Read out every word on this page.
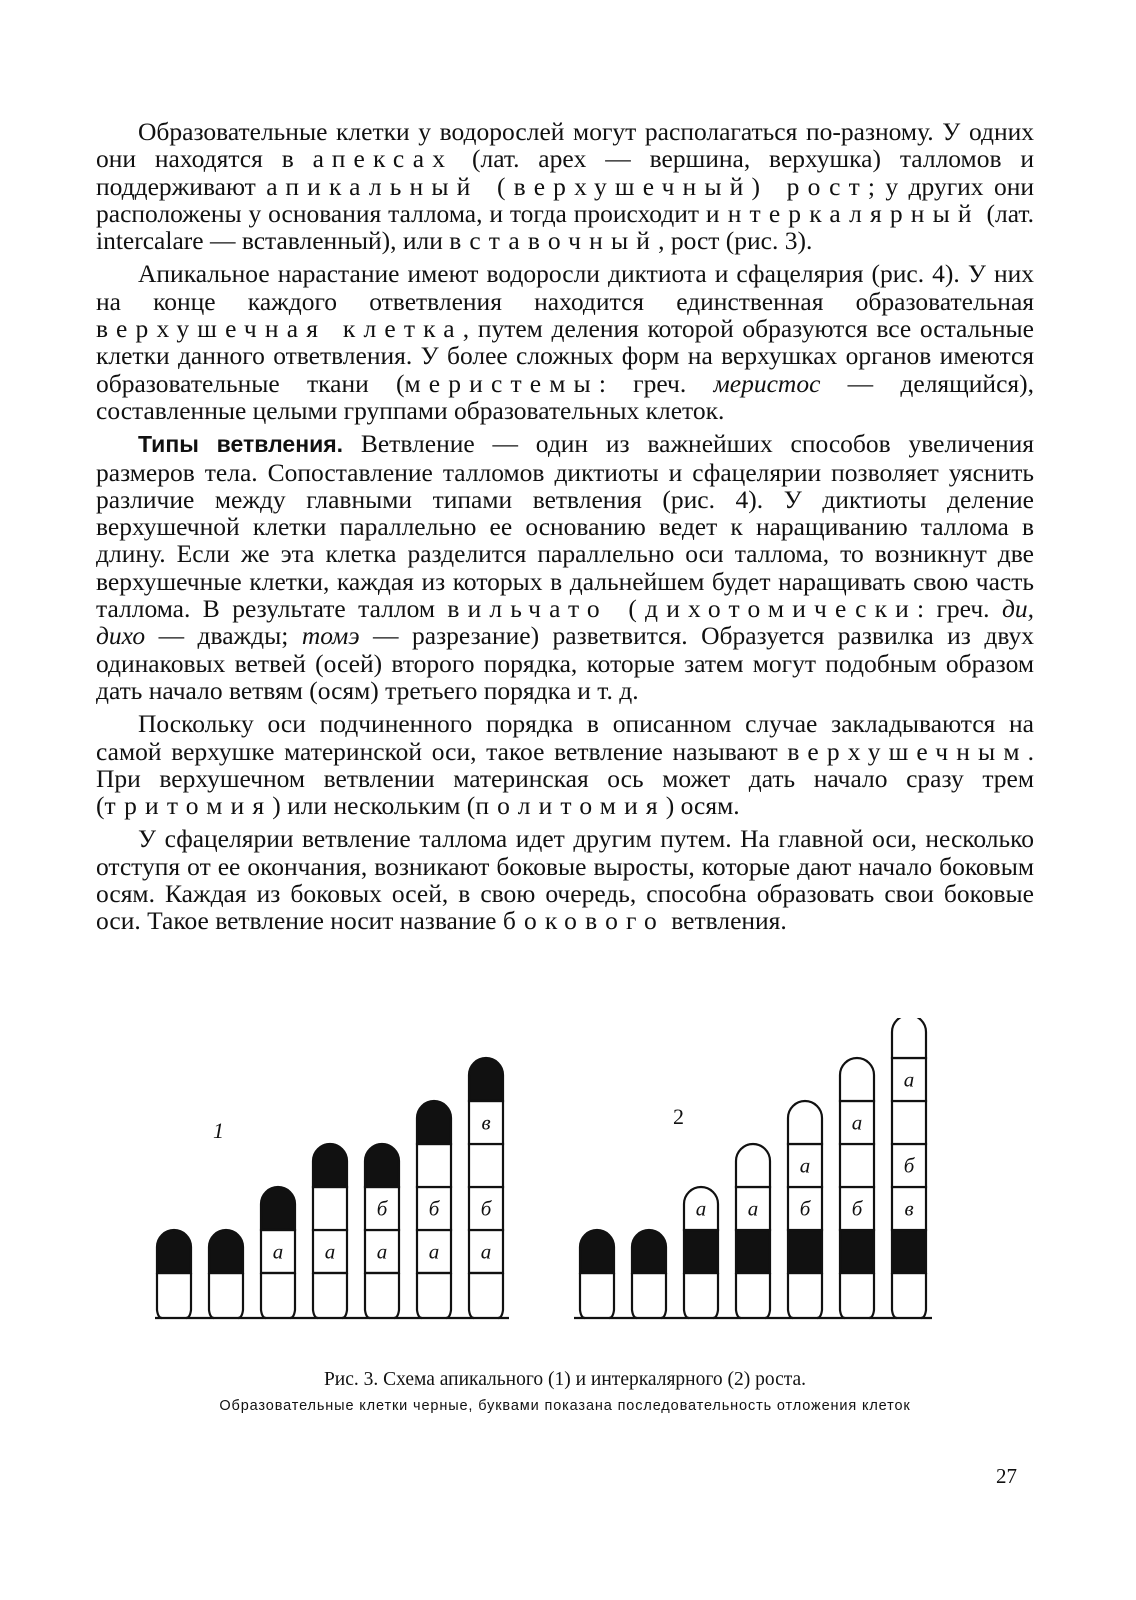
Образовательные клетки у водорослей могут располагаться по-разному. У одних они находятся в апексах (лат. apex — вершина, верхушка) талломов и поддерживают апикальный (верхушечный) рост; у других они расположены у основания таллома, и тогда происходит интеркалярный (лат. intercalare — вставленный), или вставочный, рост (рис. 3).

Апикальное нарастание имеют водоросли диктиота и сфацелярия (рис. 4). У них на конце каждого ответвления находится единственная образовательная верхушечная клетка, путем деления которой образуются все остальные клетки данного ответвления. У более сложных форм на верхушках органов имеются образовательные ткани (меристемы: греч. меристос — делящийся), составленные целыми группами образовательных клеток.

Типы ветвления. Ветвление — один из важнейших способов увеличения размеров тела. Сопоставление талломов диктиоты и сфацелярии позволяет уяснить различие между главными типами ветвления (рис. 4). У диктиоты деление верхушечной клетки параллельно ее основанию ведет к наращиванию таллома в длину. Если же эта клетка разделится параллельно оси таллома, то возникнут две верхушечные клетки, каждая из которых в дальнейшем будет наращивать свою часть таллома. В результате таллом вильчато (дихотомически: греч. ди, дихо — дважды; томэ — разрезание) разветвится. Образуется развилка из двух одинаковых ветвей (осей) второго порядка, которые затем могут подобным образом дать начало ветвям (осям) третьего порядка и т. д.

Поскольку оси подчиненного порядка в описанном случае закладываются на самой верхушке материнской оси, такое ветвление называют верхушечным. При верхушечном ветвлении материнская ось может дать начало сразу трем (тритомия) или нескольким (политомия) осям.

У сфацелярии ветвление таллома идет другим путем. На главной оси, несколько отступя от ее окончания, возникают боковые выросты, которые дают начало боковым осям. Каждая из боковых осей, в свою очередь, способна образовать свои боковые оси. Такое ветвление носит название бокового ветвления.

а а а
б
а
б
а
б
в
а а б
а
б
а
в
б
а
1
2
Рис. 3. Схема апикального (1) и интеркалярного (2) роста.
Образовательные клетки черные, буквами показана последовательность отложения клеток
27
